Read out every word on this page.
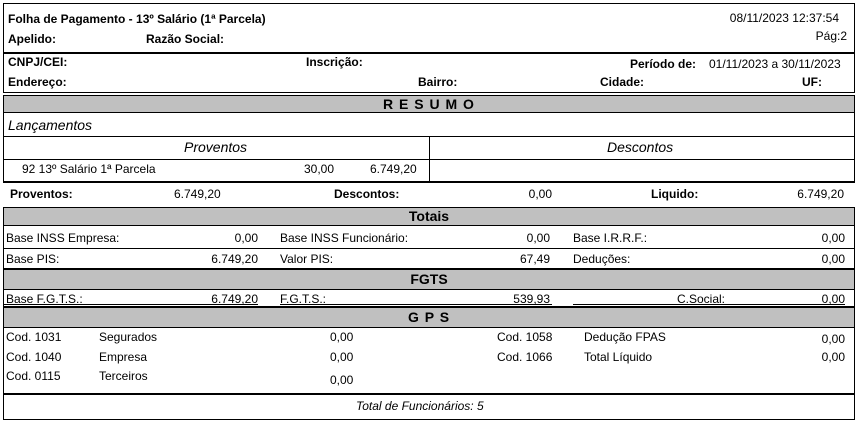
Folha de Pagamento - 13º Salário (1ª Parcela)
Apelido:	Razão Social:
08/11/2023 12:37:54
Pág:2
CNPJ/CEI:	Inscrição:	Período de: 01/11/2023 a 30/11/2023
Endereço:	Bairro:	Cidade:	UF:
R E S U M O
Lançamentos
Proventos	Descontos
92 13º Salário 1ª Parcela	30,00	6.749,20
Proventos:	6.749,20	Descontos:	0,00	Liquido:	6.749,20
Totais
Base INSS Empresa:	0,00 Base INSS Funcionário:	0,00 Base I.R.R.F.:	0,00
Base PIS:	6.749,20 Valor PIS:	67,49 Deduções:	0,00
FGTS
Base F.G.T.S.:	6.749,20 F.G.T.S.:	539,93	C.Social:	0,00
G P S
Cod. 1031	Segurados	0,00	Cod. 1058	Dedução FPAS	0,00
Cod. 1040	Empresa	0,00	Cod. 1066	Total Líquido	0,00
Cod. 0115	Terceiros	0,00
Total de Funcionários: 5
